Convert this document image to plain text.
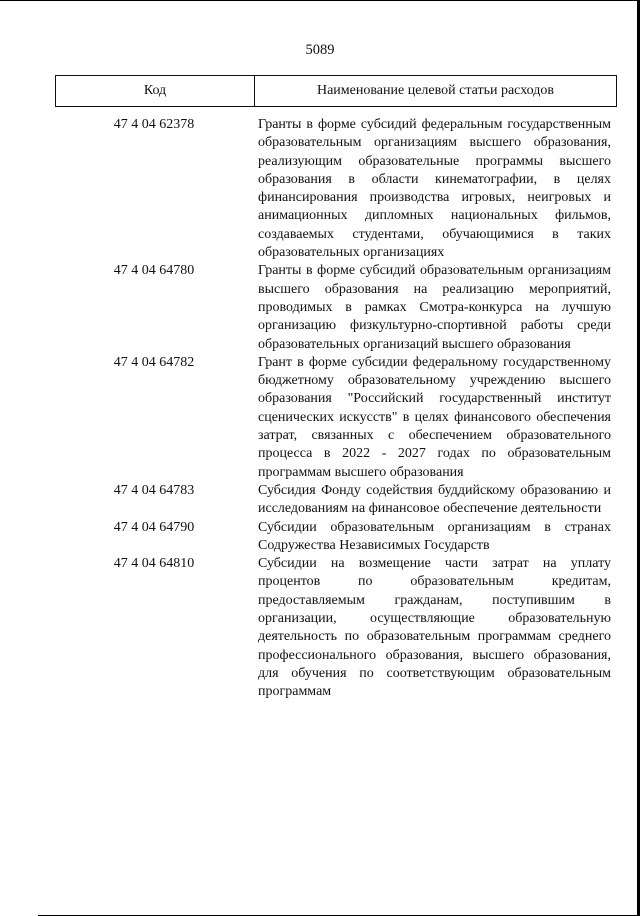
5089
Код	Наименование целевой статьи расходов
47 4 04 62378	Гранты в форме субсидий федеральным государственным образовательным организациям высшего образования, реализующим образовательные программы высшего образования в области кинематографии, в целях финансирования производства игровых, неигровых и анимационных дипломных национальных фильмов, создаваемых студентами, обучающимися в таких образовательных организациях
47 4 04 64780	Гранты в форме субсидий образовательным организациям высшего образования на реализацию мероприятий, проводимых в рамках Смотра-конкурса на лучшую организацию физкультурно-спортивной работы среди образовательных организаций высшего образования
47 4 04 64782	Грант в форме субсидии федеральному государственному бюджетному образовательному учреждению высшего образования "Российский государственный институт сценических искусств" в целях финансового обеспечения затрат, связанных с обеспечением образовательного процесса в 2022 - 2027 годах по образовательным программам высшего образования
47 4 04 64783	Субсидия Фонду содействия буддийскому образованию и исследованиям на финансовое обеспечение деятельности
47 4 04 64790	Субсидии образовательным организациям в странах Содружества Независимых Государств
47 4 04 64810	Субсидии на возмещение части затрат на уплату процентов по образовательным кредитам, предоставляемым гражданам, поступившим в организации, осуществляющие образовательную деятельность по образовательным программам среднего профессионального образования, высшего образования, для обучения по соответствующим образовательным программам
